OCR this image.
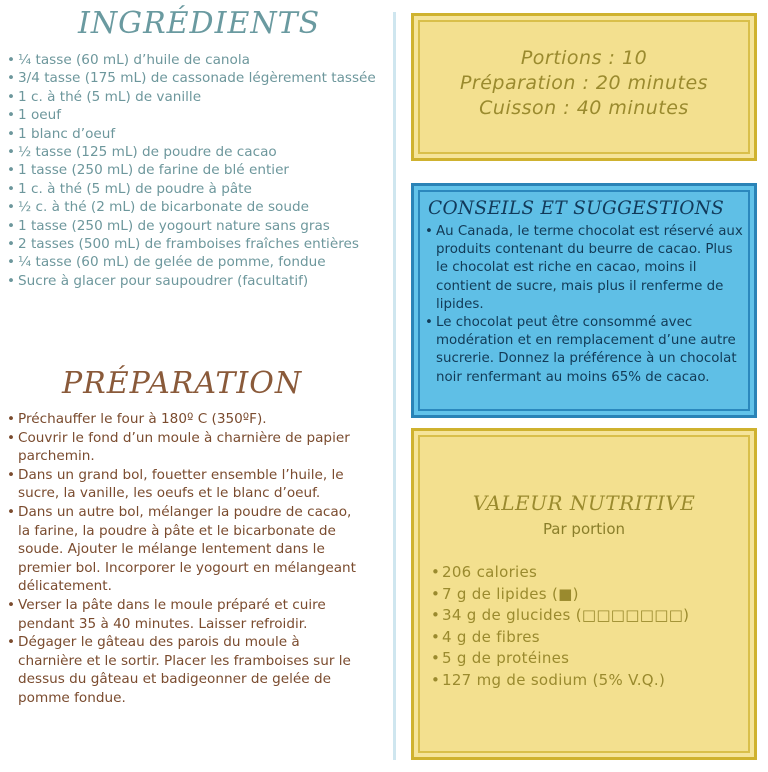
INGRÉDIENTS
• ¼ tasse (60 mL) d’huile de canola
• 3/4 tasse (175 mL) de cassonade légèrement tassée
• 1 c. à thé (5 mL) de vanille
• 1 oeuf
• 1 blanc d’oeuf
• ½ tasse (125 mL) de poudre de cacao
• 1 tasse (250 mL) de farine de blé entier
• 1 c. à thé (5 mL) de poudre à pâte
• ½ c. à thé (2 mL) de bicarbonate de soude
• 1 tasse (250 mL) de yogourt nature sans gras
• 2 tasses (500 mL) de framboises fraîches entières
• ¼ tasse (60 mL) de gelée de pomme, fondue
• Sucre à glacer pour saupoudrer (facultatif)
PRÉPARATION
• Préchauffer le four à 180º C (350ºF).
• Couvrir le fond d’un moule à charnière de papier parchemin.
• Dans un grand bol, fouetter ensemble l’huile, le sucre, la vanille, les oeufs et le blanc d’oeuf.
• Dans un autre bol, mélanger la poudre de cacao, la farine, la poudre à pâte et le bicarbonate de soude. Ajouter le mélange lentement dans le premier bol. Incorporer le yogourt en mélangeant délicatement.
• Verser la pâte dans le moule préparé et cuire pendant 35 à 40 minutes. Laisser refroidir.
• Dégager le gâteau des parois du moule à charnière et le sortir. Placer les framboises sur le dessus du gâteau et badigeonner de gelée de pomme fondue.
Portions : 10
Préparation : 20 minutes
Cuisson : 40 minutes
CONSEILS ET SUGGESTIONS
• Au Canada, le terme chocolat est réservé aux produits contenant du beurre de cacao. Plus le chocolat est riche en cacao, moins il contient de sucre, mais plus il renferme de lipides.
• Le chocolat peut être consommé avec modération et en remplacement d’une autre sucrerie. Donnez la préférence à un chocolat noir renfermant au moins 65% de cacao.
VALEUR NUTRITIVE
Par portion
• 206 calories
• 7 g de lipides (■)
• 34 g de glucides (□□□□□□□)
• 4 g de fibres
• 5 g de protéines
• 127 mg de sodium (5% V.Q.)
